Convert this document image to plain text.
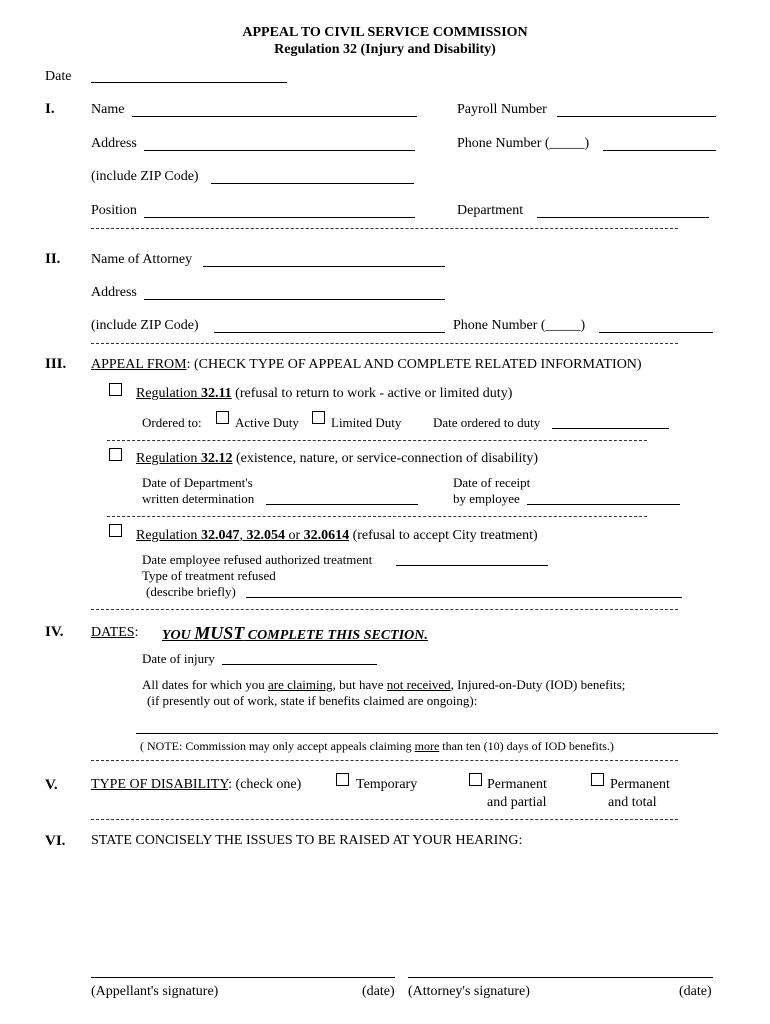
APPEAL TO CIVIL SERVICE COMMISSION
Regulation 32 (Injury and Disability)
Date
I.	Name	Payroll Number
Address	Phone Number (_____)
(include ZIP Code)
Position	Department
II. Name of Attorney
Address
(include ZIP Code)	Phone Number (_____)
III. APPEAL FROM: (CHECK TYPE OF APPEAL AND COMPLETE RELATED INFORMATION)
Regulation 32.11 (refusal to return to work - active or limited duty)
Ordered to:	Active Duty Limited Duty Date ordered to duty
Regulation 32.12 (existence, nature, or service-connection of disability)
Date of Department's
written determination
Date of receipt
by employee
Regulation 32.047, 32.054 or 32.0614 (refusal to accept City treatment)
Date employee refused authorized treatment
Type of treatment refused
(describe briefly)
IV. DATES: YOU MUST COMPLETE THIS SECTION.
Date of injury
All dates for which you are claiming, but have not received, Injured-on-Duty (IOD) benefits;
(if presently out of work, state if benefits claimed are ongoing):
( NOTE: Commission may only accept appeals claiming more than ten (10) days of IOD benefits.)
V. TYPE OF DISABILITY: (check one)	Temporary	Permanent
and partial
Permanent
and total
VI. STATE CONCISELY THE ISSUES TO BE RAISED AT YOUR HEARING:
(Appellant's signature)	(date) (Attorney's signature)	(date)
